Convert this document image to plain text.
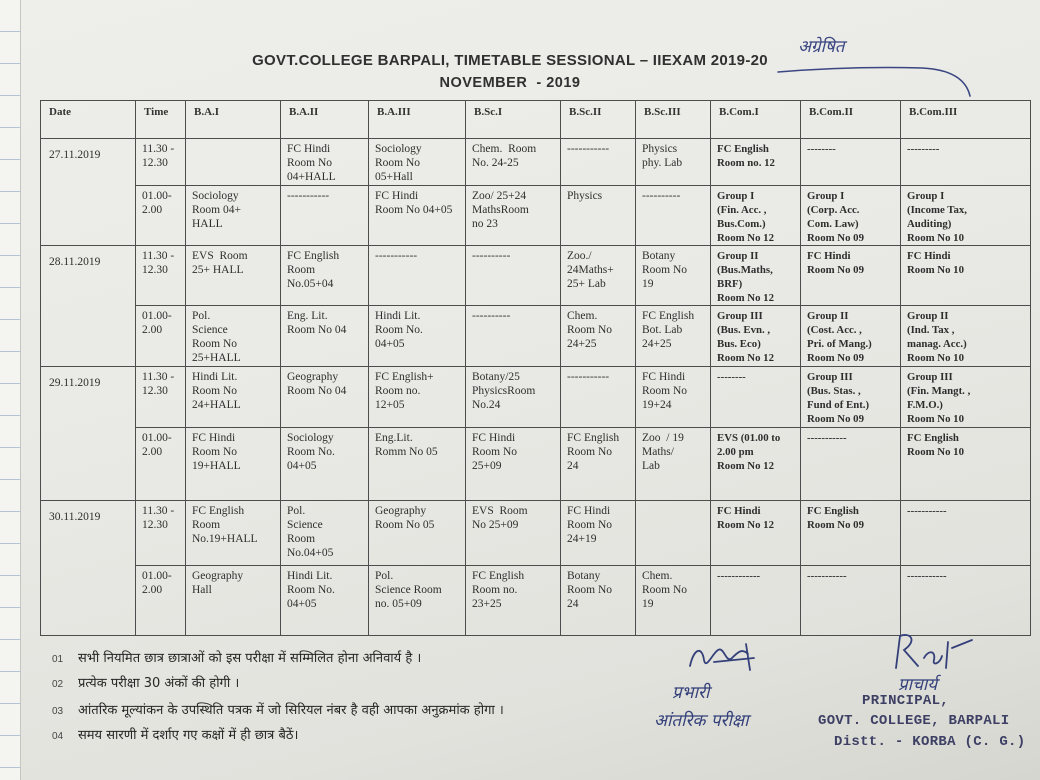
GOVT.COLLEGE BARPALI, TIMETABLE SESSIONAL – IIEXAM 2019-20
NOVEMBER  - 2019
अग्रेषित
Date	Time	B.A.I	B.A.II	B.A.III	B.Sc.I	B.Sc.II	B.Sc.III	B.Com.I	B.Com.II	B.Com.III
27.11.2019	11.30 -
12.30		FC Hindi
Room No
04+HALL	Sociology
Room No
05+Hall	Chem.  Room
No. 24-25	-----------	Physics
phy. Lab	FC English
Room no. 12	--------	---------
	01.00-
2.00	Sociology
Room 04+
HALL	-----------	FC Hindi
Room No 04+05	Zoo/ 25+24
MathsRoom
no 23	Physics	----------	Group I
(Fin. Acc. ,
Bus.Com.)
Room No 12	Group I
(Corp. Acc.
Com. Law)
Room No 09	Group I
(Income Tax,
Auditing)
Room No 10
28.11.2019	11.30 -
12.30	EVS  Room
25+ HALL	FC English
Room
No.05+04	-----------	----------	Zoo./
24Maths+
25+ Lab	Botany
Room No
19	Group II
(Bus.Maths,
BRF)
Room No 12	FC Hindi
Room No 09	FC Hindi
Room No 10
	01.00-
2.00	Pol.
Science
Room No
25+HALL	Eng. Lit.
Room No 04	Hindi Lit.
Room No.
04+05	----------	Chem.
Room No
24+25	FC English
Bot. Lab
24+25	Group III
(Bus. Evn. ,
Bus. Eco)
Room No 12	Group II
(Cost. Acc. ,
Pri. of Mang.)
Room No 09	Group II
(Ind. Tax ,
manag. Acc.)
Room No 10
29.11.2019	11.30 -
12.30	Hindi Lit.
Room No
24+HALL	Geography
Room No 04	FC English+
Room no.
12+05	Botany/25
PhysicsRoom
No.24	-----------	FC Hindi
Room No
19+24	--------	Group III
(Bus. Stas. ,
Fund of Ent.)
Room No 09	Group III
(Fin. Mangt. ,
F.M.O.)
Room No 10
	01.00-
2.00	FC Hindi
Room No
19+HALL	Sociology
Room No.
04+05	Eng.Lit.
Romm No 05	FC Hindi
Room No
25+09	FC English
Room No
24	Zoo  / 19
Maths/
Lab	EVS (01.00 to
2.00 pm
Room No 12	-----------	FC English
Room No 10
30.11.2019	11.30 -
12.30	FC English
Room
No.19+HALL	Pol.
Science
Room
No.04+05	Geography
Room No 05	EVS  Room
No 25+09	FC Hindi
Room No
24+19		FC Hindi
Room No 12	FC English
Room No 09	-----------
	01.00-
2.00	Geography
Hall	Hindi Lit.
Room No.
04+05	Pol.
Science Room
no. 05+09	FC English
Room no.
23+25	Botany
Room No
24	Chem.
Room No
19	------------	-----------	-----------
01 सभी नियमित छात्र छात्राओं को इस परीक्षा में सम्मिलित होना अनिवार्य है ।
02 प्रत्येक परीक्षा 30 अंकों की होगी ।
03 आंतरिक मूल्यांकन के उपस्थिति पत्रक में जो सिरियल नंबर है वही आपका अनुक्रमांक होगा ।
04 समय सारणी में दर्शाए गए कक्षों में ही छात्र बैठें।
प्रभारी
आंतरिक परीक्षा
प्राचार्य
PRINCIPAL,
GOVT. COLLEGE, BARPALI
Distt. - KORBA (C. G.)
